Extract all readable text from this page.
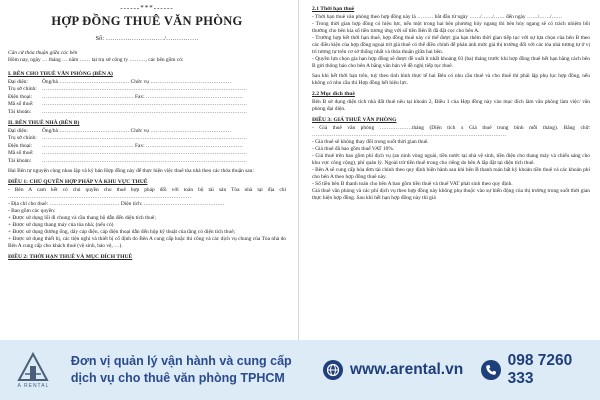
------***------
HỢP ĐỒNG THUÊ VĂN PHÒNG
Số: ………………………/……………

Căn cứ thỏa thuận giữa các bên

Hôm nay, ngày … tháng … năm …… tại trụ sở công ty ………, các bên gồm có:

I. BÊN CHO THUÊ VĂN PHÒNG (BÊN A)
Đại diện:	Ông/bà ………………………………… Chức vụ ………………………………………
Trụ sở chính: ……………………………………………………………………………………………………
Điện thoại:	…………………………………………… Fax: ………………………………………………
Mã số thuế:	……………………………………………………………………………………………………
Tài khoản:	……………………………………………………………………………………………………
II. BÊN THUÊ NHÀ (BÊN B)
Đại diện:	Ông/bà ………………………………… Chức vụ ………………………………………
Trụ sở chính: ……………………………………………………………………………………………………
Điện thoại:	…………………………………………… Fax: ………………………………………………
Mã số thuế:	……………………………………………………………………………………………………
Tài khoản:	……………………………………………………………………………………………………

Hai Bên tự nguyện cùng nhau lập và ký bản Hợp đồng này để thực hiện việc thuê tòa nhà theo các thỏa thuận sau:

ĐIỀU 1: CHỦ QUYỀN HỢP PHÁP VÀ KHU VỰC THUÊ

- Bên A cam kết có chủ quyền cho thuê hợp pháp đối với toàn bộ tài sản Tòa nhà tại địa chỉ …………………………………………………………………………………………

- Địa chỉ cho thuê: ………………………………… Diện tích: ………………………………………

- Bao gồm các quyền:

+ Được sử dụng lối đi chung và cầu thang bộ dẫn đến diện tích thuê;

+ Được sử dụng thang máy của tòa nhà; (nếu có)

+ Được sử dụng đường ống, dây cáp điện, cáp điện thoại dẫn đến hộp kỹ thuật của tầng có diện tích thuê;

+ Được sử dụng thiết bị, các tiện nghi và thiết bị cố định do Bên A cung cấp hoặc thi công và các dịch vụ chung của Tòa nhà do Bên A cung cấp cho khách thuê (vệ sinh, bảo vệ, …).

ĐIỀU 2: THỜI HẠN THUÊ VÀ MỤC ĐÍCH THUÊ
2.1 Thời hạn thuê

- Thời hạn thuê văn phòng theo hợp đồng này là ……… bắt đầu từ ngày ……/……/…… đến ngày ……/……/……

- Trong thời gian hợp đồng có hiệu lực, nếu một trong hai bên phương hủy ngang thì bên hủy ngang sẽ có trách nhiệm bồi thường cho bên kia số tiền tương ứng với số tiền Bên B đã đặt cọc cho bên A.

- Trường hợp hết thời hạn thuê, hợp đồng thuê này có thể được gia hạn thêm thời gian tiếp tục với sự lựa chọn của bên B theo các điều kiện của hợp đồng ngoại trừ giá thuê có thể điều chỉnh để phản ánh mức giá thị trường đối với các tòa nhà tương tự ở vị trí tương tự trên cơ sở thống nhất và thỏa thuận giữa hai bên.

- Quyền lựa chọn gia hạn hợp đồng sẽ được đề xuất ít nhất khoảng 03 (ba) tháng trước khi hợp đồng thuê hết hạn bằng cách bên B gửi thông báo cho bên A bằng văn bản về đề nghị tiếp tục thuê.

Sau khi hết thời hạn trên, tuỳ theo tình hình thực tế hai Bên có nhu cầu thuê và cho thuê thì phải lập phụ lục hợp đồng, nếu không có nhu cầu thì Hợp đồng hết hiệu lực.

2.2 Mục đích thuê

Bên B sử dụng diện tích nhà đất thuê nêu tại khoản 2, Điều 1 của Hợp đồng này vào mục đích làm văn phòng làm việc/ văn phòng đại diện.

ĐIỀU 3: GIÁ THUÊ VĂN PHÒNG

- Giá thuê văn phòng ………………tháng (Diện tích x Giá thuê trung bình mỗi tháng). Bằng chữ: ………………………………………………………………………………………………

- Giá thuê sẽ không thay đổi trong suốt thời gian thuê.

- Giá thuê đã bao gồm thuế VAT 10%.

- Giá thuê trên bao gồm phí dịch vụ (an ninh vòng ngoài, tiền nước tại nhà vệ sinh, tiền điện cho thang máy và chiếu sáng cho khu vực công cộng), phí quản lý. Ngoài trừ tiền thuê trong cho riêng do bên A lắp đặt tại diện tích thuê.

- Bên A sẽ cung cấp hóa đơn tài chính theo quy định hiện hành sau khi bên B thanh toán bất kỳ khoản tiền thuê và các khoản phí cho bên A theo hợp đồng thuê này.

- Số tiền bên B thanh toán cho bên A bao gồm tiền thuê và thuế VAT phát sinh theo quy định.

Giá thuê văn phòng và các phí dịch vụ theo hợp đồng này không phụ thuộc vào sự biến động của thị trường trong suốt thời gian thực hiện hợp đồng. Sau khi hết hạn hợp đồng này thì giá

A RENTAL
Đơn vị quản lý vận hành và cung cấp
dịch vụ cho thuê văn phòng TPHCM	www.arental.vn
098 7260 333
